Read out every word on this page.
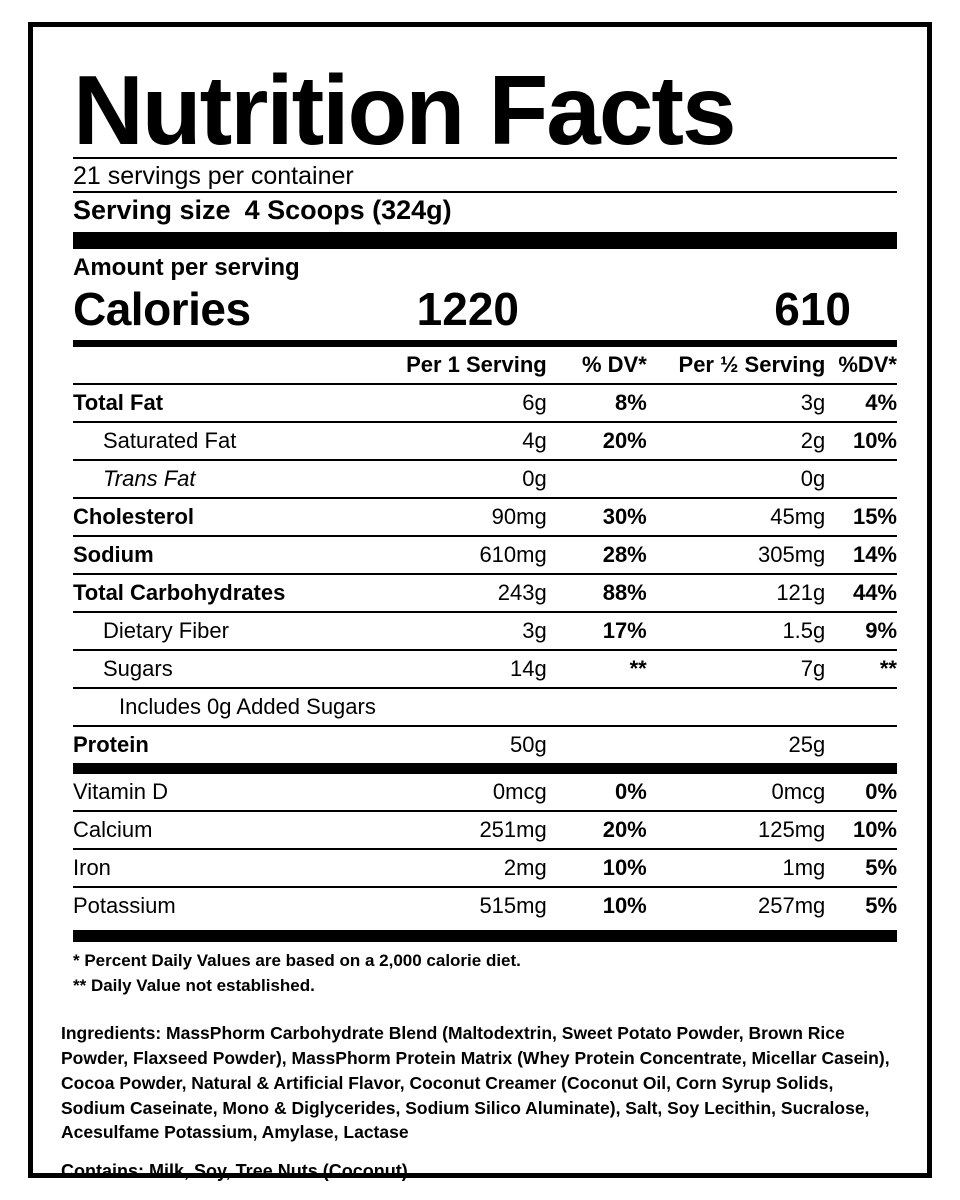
Nutrition Facts
21 servings per container
Serving size 4 Scoops (324g)
Amount per serving
Calories	1220	610
	Per 1 Serving	% DV*	Per ½ Serving	%DV*
Total Fat	6g	8%	3g	4%
Saturated Fat	4g	20%	2g	10%
Trans Fat	0g		0g	
Cholesterol	90mg	30%	45mg	15%
Sodium	610mg	28%	305mg	14%
Total Carbohydrates	243g	88%	121g	44%
Dietary Fiber	3g	17%	1.5g	9%
Sugars	14g	**	7g	**
Includes 0g Added Sugars				
Protein	50g		25g	
Vitamin D	0mcg	0%	0mcg	0%
Calcium	251mg	20%	125mg	10%
Iron	2mg	10%	1mg	5%
Potassium	515mg	10%	257mg	5%
* Percent Daily Values are based on a 2,000 calorie diet.
** Daily Value not established.
Ingredients: MassPhorm Carbohydrate Blend (Maltodextrin, Sweet Potato Powder, Brown Rice Powder, Flaxseed Powder), MassPhorm Protein Matrix (Whey Protein Concentrate, Micellar Casein), Cocoa Powder, Natural & Artificial Flavor, Coconut Creamer (Coconut Oil, Corn Syrup Solids, Sodium Caseinate, Mono & Diglycerides, Sodium Silico Aluminate), Salt, Soy Lecithin, Sucralose, Acesulfame Potassium, Amylase, Lactase
Contains: Milk, Soy, Tree Nuts (Coconut)
